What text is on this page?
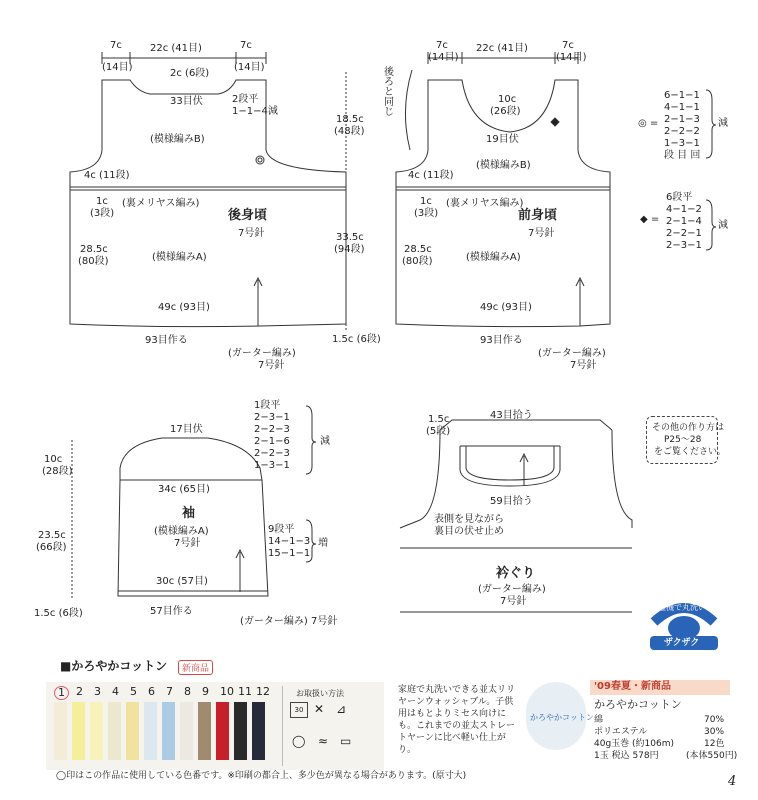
7c
(14目)
22c (41目)	7c
(14目)
2c (6段)
33目伏	2段平
1−1−4減
(模様編みB)
4c (11段)
1c
(3段)
(裏メリヤス編み)
後身頃
7号針
28.5c
(80段)	(模様編みA)
49c (93目)
93目作る
(ガーター編み)
7号針
18.5c
(48段)
33.5c
(94段)
1.5c (6段)
後ろと同じ
7c
(14目)
22c (41目)	7c
(14目)
10c
(26段)
19目伏
(模様編みB)
4c (11段)
1c
(3段)
(裏メリヤス編み)
前身頃
7号針
28.5c
(80段)	(模様編みA)
49c (93目)
93目作る
(ガーター編み)
7号針
◎ =
6−1−1
4−1−1
2−1−3
2−2−2
1−3−1
段 目 回
減
◆ =
6段平
4−1−2
2−1−4
2−2−1
2−3−1
減
17目伏
1段平
2−3−1
2−2−3
2−1−6
2−2−3
1−3−1
減
10c
(28段)
34c (65目)
袖
(模様編みA)
7号針
23.5c
(66段)
9段平
14−1−3
15−1−1
増
30c (57目)
1.5c (6段)	57目作る
(ガーター編み) 7号針
1.5c
(5段)
43目拾う
59目拾う
表側を見ながら
裏目の伏せ止め
衿ぐり
(ガーター編み)
7号針
その他の作り方は
P25〜28
をご覧ください。
洗濯機で丸洗いOK!
ザクザク
■かろやかコットン	新商品
1	2 3 4 5 6 7 8 9 10 11 12	お取扱い方法
30 ✕ ⊿
◯ ≈ ▭
家庭で丸洗いできる並太リリヤーンウォッシャブル。子供用はもとよりミセス向けにも。これまでの並太ストレートヤーンに比べ軽い仕上がり。
かろやかコットン
'09春夏・新商品
かろやかコットン
綿	70%
ポリエステル	30%
40g玉巻 (約106m)	12色
1玉 税込 578円	(本体550円)
◯印はこの作品に使用している色番です。※印刷の都合上、多少色が異なる場合があります。(原寸大)	4
